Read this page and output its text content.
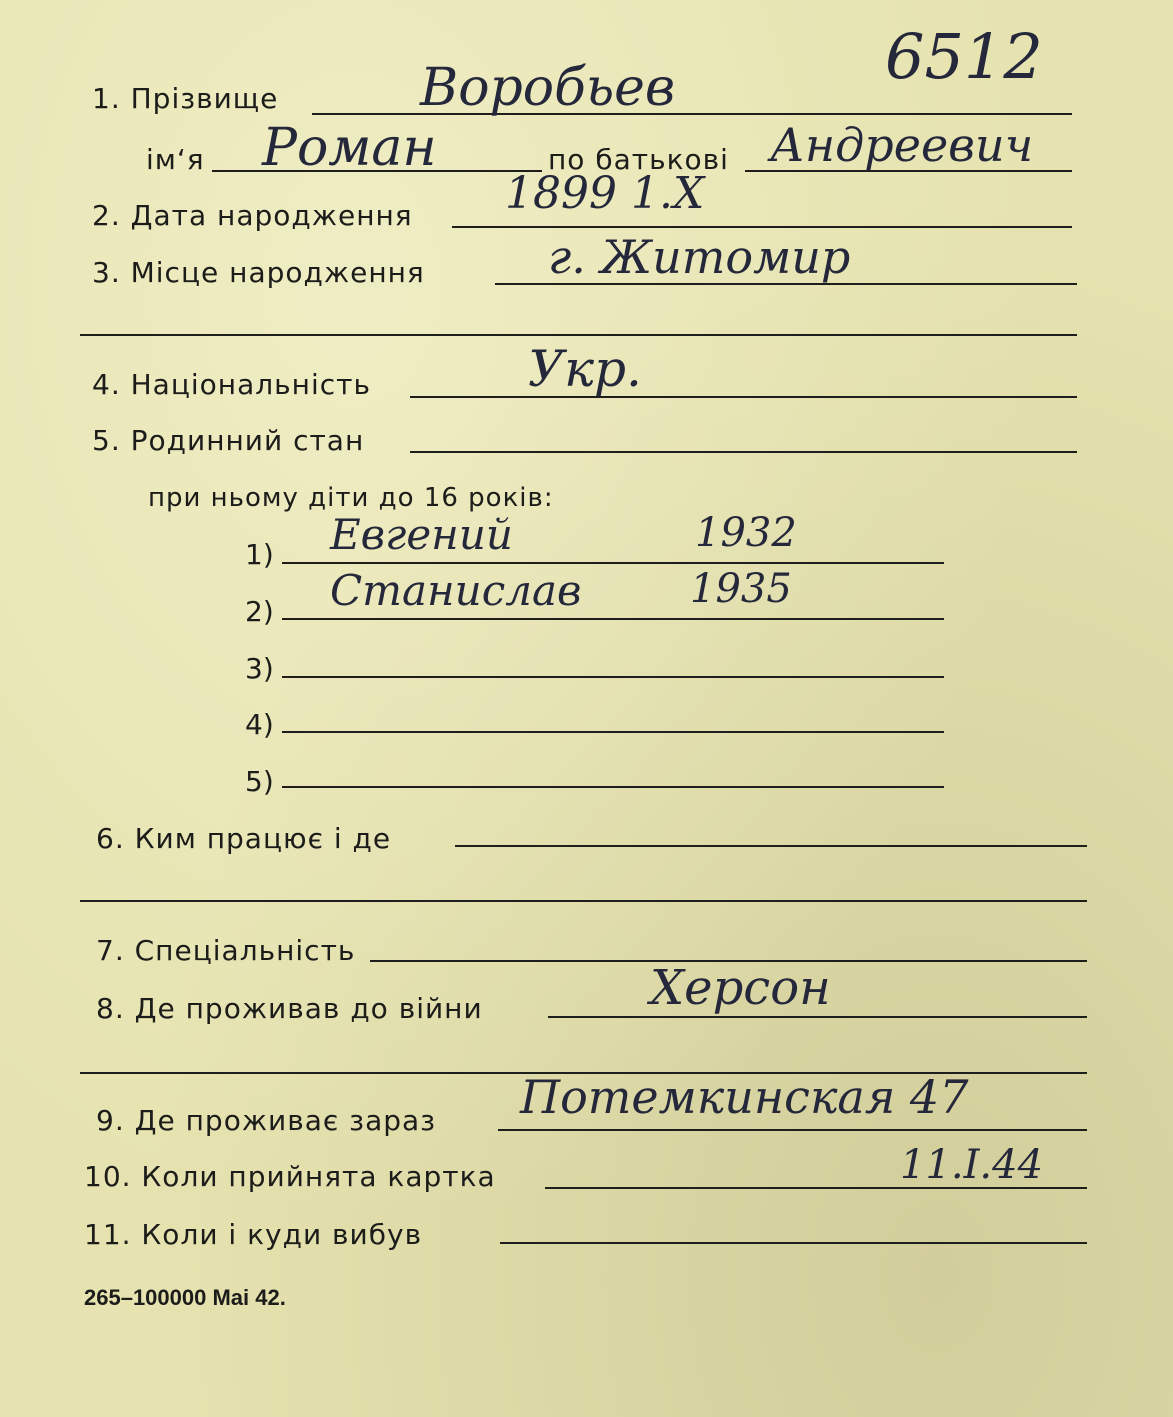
6512
1. Прізвище	Воробьев
ім‘я Роман	по батькові Андреевич
2. Дата народження 1899 1.X
3. Місце народження	г. Житомир
4. Національність	Укр.
5. Родинний стан
при ньому діти до 16 років:
1) Евгений	1932
2) Станислав	1935
3)
4)
5)
6. Ким працює і де
7. Спеціальність
8. Де проживав до війни	Херсон
9. Де проживає зараз Потемкинская 47
10. Коли прийнята картка	11.I.44
11. Коли і куди вибув
265–100000 Mai 42.
